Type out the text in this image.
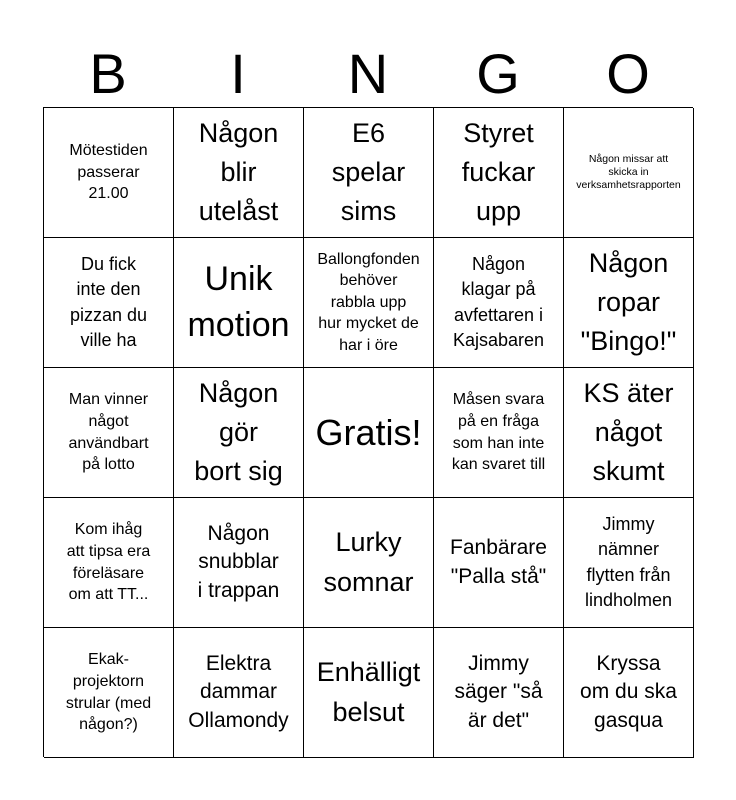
B	I	N	G	O
Mötestiden
passerar
21.00
Någon
blir
utelåst
E6
spelar
sims
Styret
fuckar
upp
Någon missar att
skicka in
verksamhetsrapporten
Du fick
inte den
pizzan du
ville ha
Unik
motion
Ballongfonden
behöver
rabbla upp
hur mycket de
har i öre
Någon
klagar på
avfettaren i
Kajsabaren
Någon
ropar
"Bingo!"
Man vinner
något
användbart
på lotto
Någon
gör
bort sig
Gratis!
Måsen svara
på en fråga
som han inte
kan svaret till
KS äter
något
skumt
Kom ihåg
att tipsa era
föreläsare
om att TT...
Någon
snubblar
i trappan
Lurky
somnar
Fanbärare
"Palla stå"
Jimmy
nämner
flytten från
lindholmen
Ekak-
projektorn
strular (med
någon?)
Elektra
dammar
Ollamondy
Enhälligt
belsut
Jimmy
säger "så
är det"
Kryssa
om du ska
gasqua
